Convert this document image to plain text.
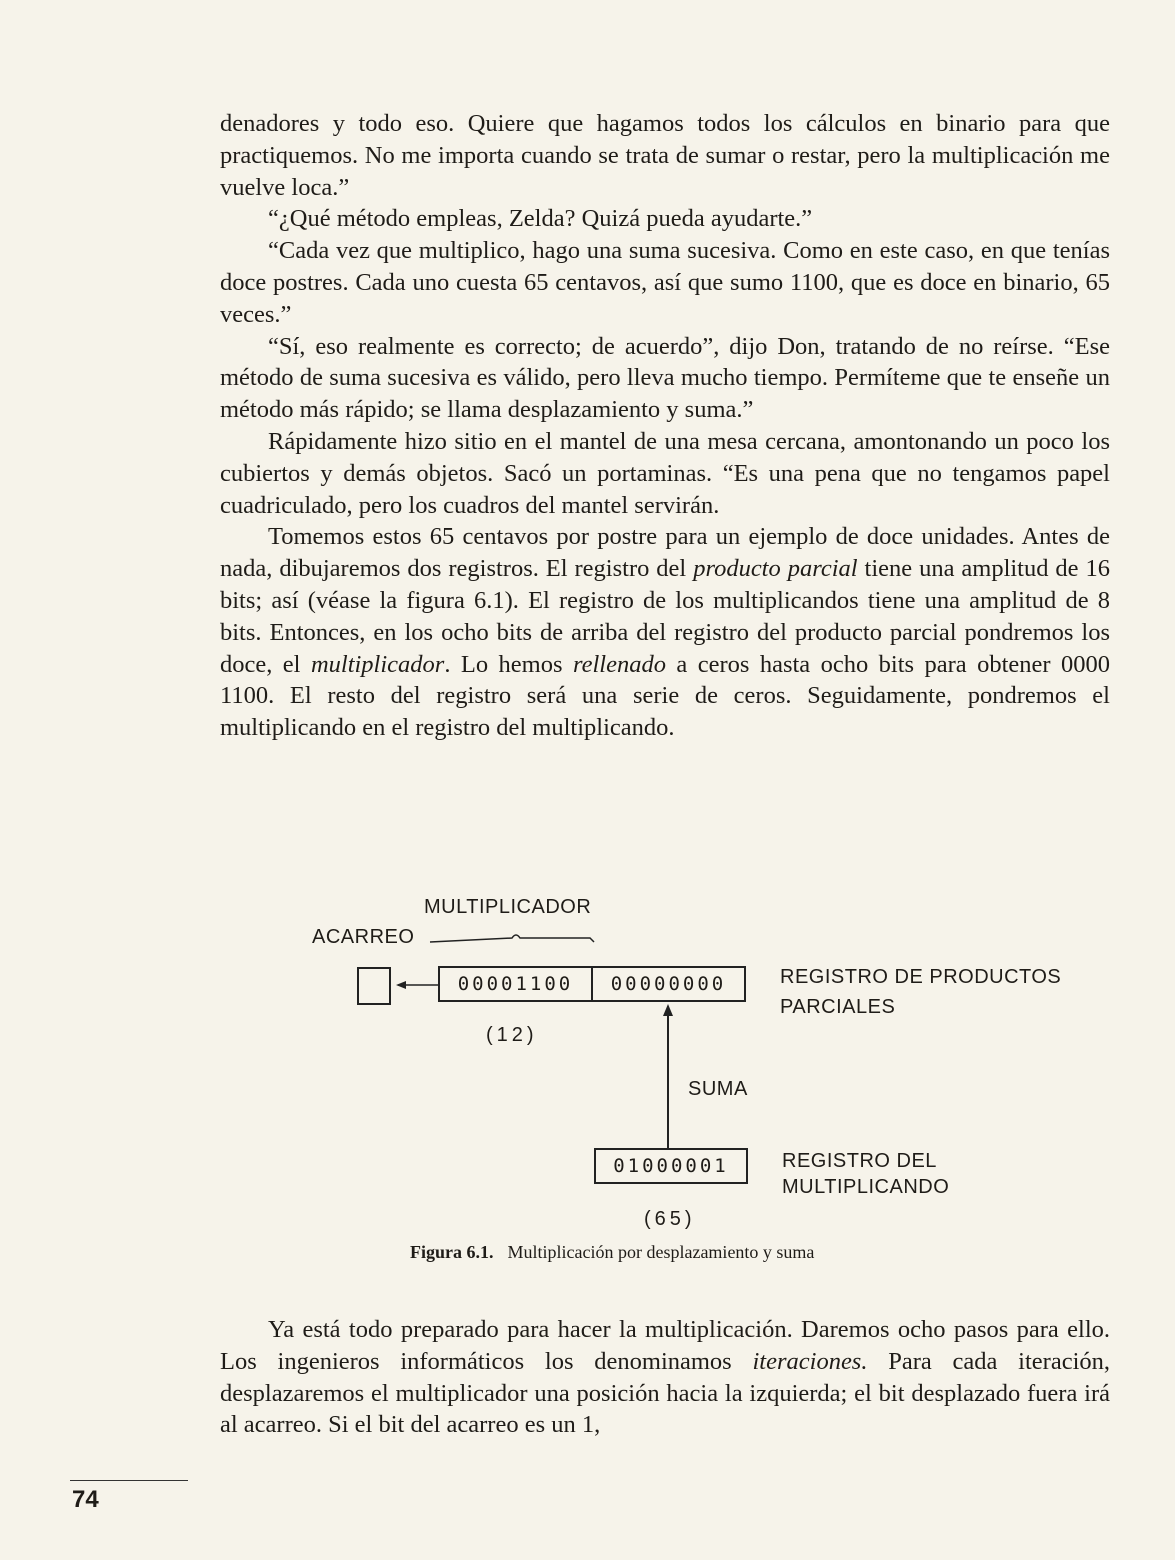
denadores y todo eso. Quiere que hagamos todos los cálculos en binario para que practiquemos. No me importa cuando se trata de sumar o restar, pero la multiplicación me vuelve loca.”

“¿Qué método empleas, Zelda? Quizá pueda ayudarte.”

“Cada vez que multiplico, hago una suma sucesiva. Como en este caso, en que tenías doce postres. Cada uno cuesta 65 centavos, así que sumo 1100, que es doce en binario, 65 veces.”

“Sí, eso realmente es correcto; de acuerdo”, dijo Don, tratando de no reírse. “Ese método de suma sucesiva es válido, pero lleva mucho tiempo. Permíteme que te enseñe un método más rápido; se llama desplazamiento y suma.”

Rápidamente hizo sitio en el mantel de una mesa cercana, amontonando un poco los cubiertos y demás objetos. Sacó un portaminas. “Es una pena que no tengamos papel cuadriculado, pero los cuadros del mantel servirán.

Tomemos estos 65 centavos por postre para un ejemplo de doce unidades. Antes de nada, dibujaremos dos registros. El registro del producto parcial tiene una amplitud de 16 bits; así (véase la figura 6.1). El registro de los multiplicandos tiene una amplitud de 8 bits. Entonces, en los ocho bits de arriba del registro del producto parcial pondremos los doce, el multiplicador. Lo hemos rellenado a ceros hasta ocho bits para obtener 0000 1100. El resto del registro será una serie de ceros. Seguidamente, pondremos el multiplicando en el registro del multiplicando.

MULTIPLICADOR
ACARREO
00001100	00000000	REGISTRO DE PRODUCTOS
PARCIALES
(12)
SUMA
01000001	REGISTRO DEL
MULTIPLICANDO
(65)
Figura 6.1. Multiplicación por desplazamiento y suma

Ya está todo preparado para hacer la multiplicación. Daremos ocho pasos para ello. Los ingenieros informáticos los denominamos iteraciones. Para cada iteración, desplazaremos el multiplicador una posición hacia la izquierda; el bit desplazado fuera irá al acarreo. Si el bit del acarreo es un 1,

74
